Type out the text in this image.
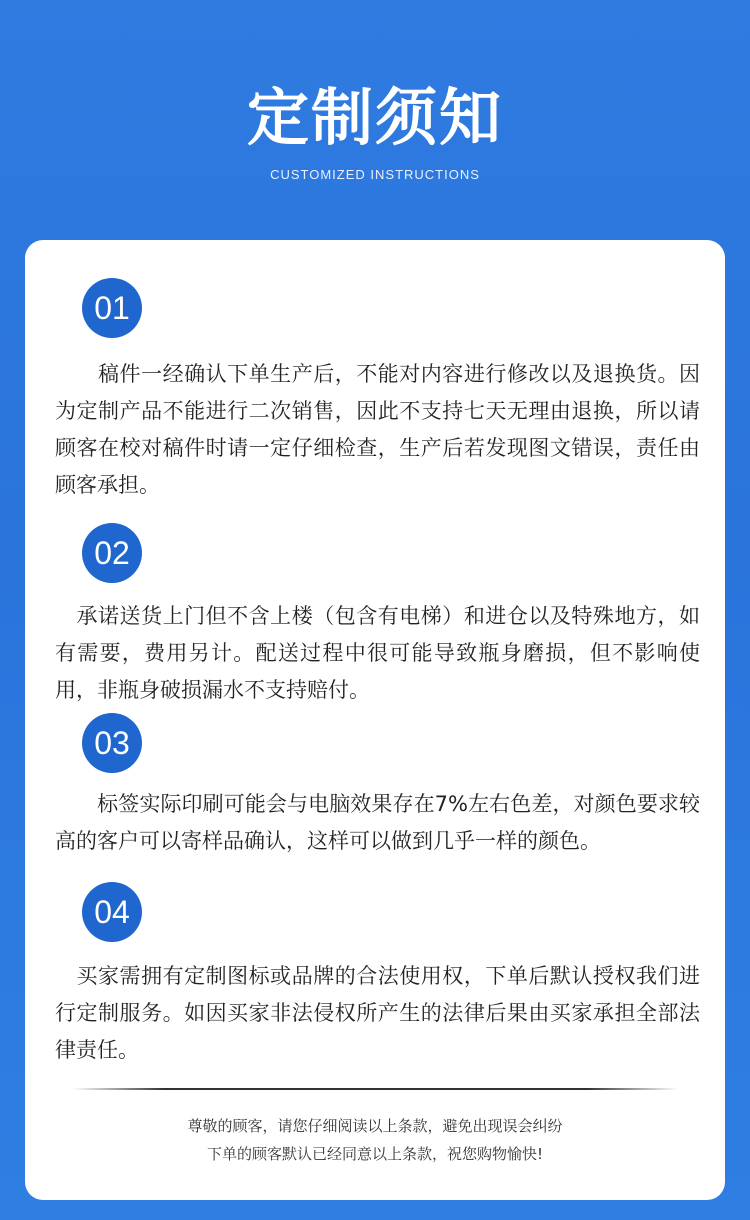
定制须知
CUSTOMIZED INSTRUCTIONS
01
　　稿件一经确认下单生产后，不能对内容进行修改以及退换货。因为定制产品不能进行二次销售，因此不支持七天无理由退换，所以请顾客在校对稿件时请一定仔细检查，生产后若发现图文错误，责任由顾客承担。
02
　承诺送货上门但不含上楼（包含有电梯）和进仓以及特殊地方，如有需要，费用另计。配送过程中很可能导致瓶身磨损，但不影响使用，非瓶身破损漏水不支持赔付。
03
　　标签实际印刷可能会与电脑效果存在7%左右色差，对颜色要求较高的客户可以寄样品确认，这样可以做到几乎一样的颜色。
04
　买家需拥有定制图标或品牌的合法使用权，下单后默认授权我们进行定制服务。如因买家非法侵权所产生的法律后果由买家承担全部法律责任。
尊敬的顾客，请您仔细阅读以上条款，避免出现误会纠纷
下单的顾客默认已经同意以上条款，祝您购物愉快!
